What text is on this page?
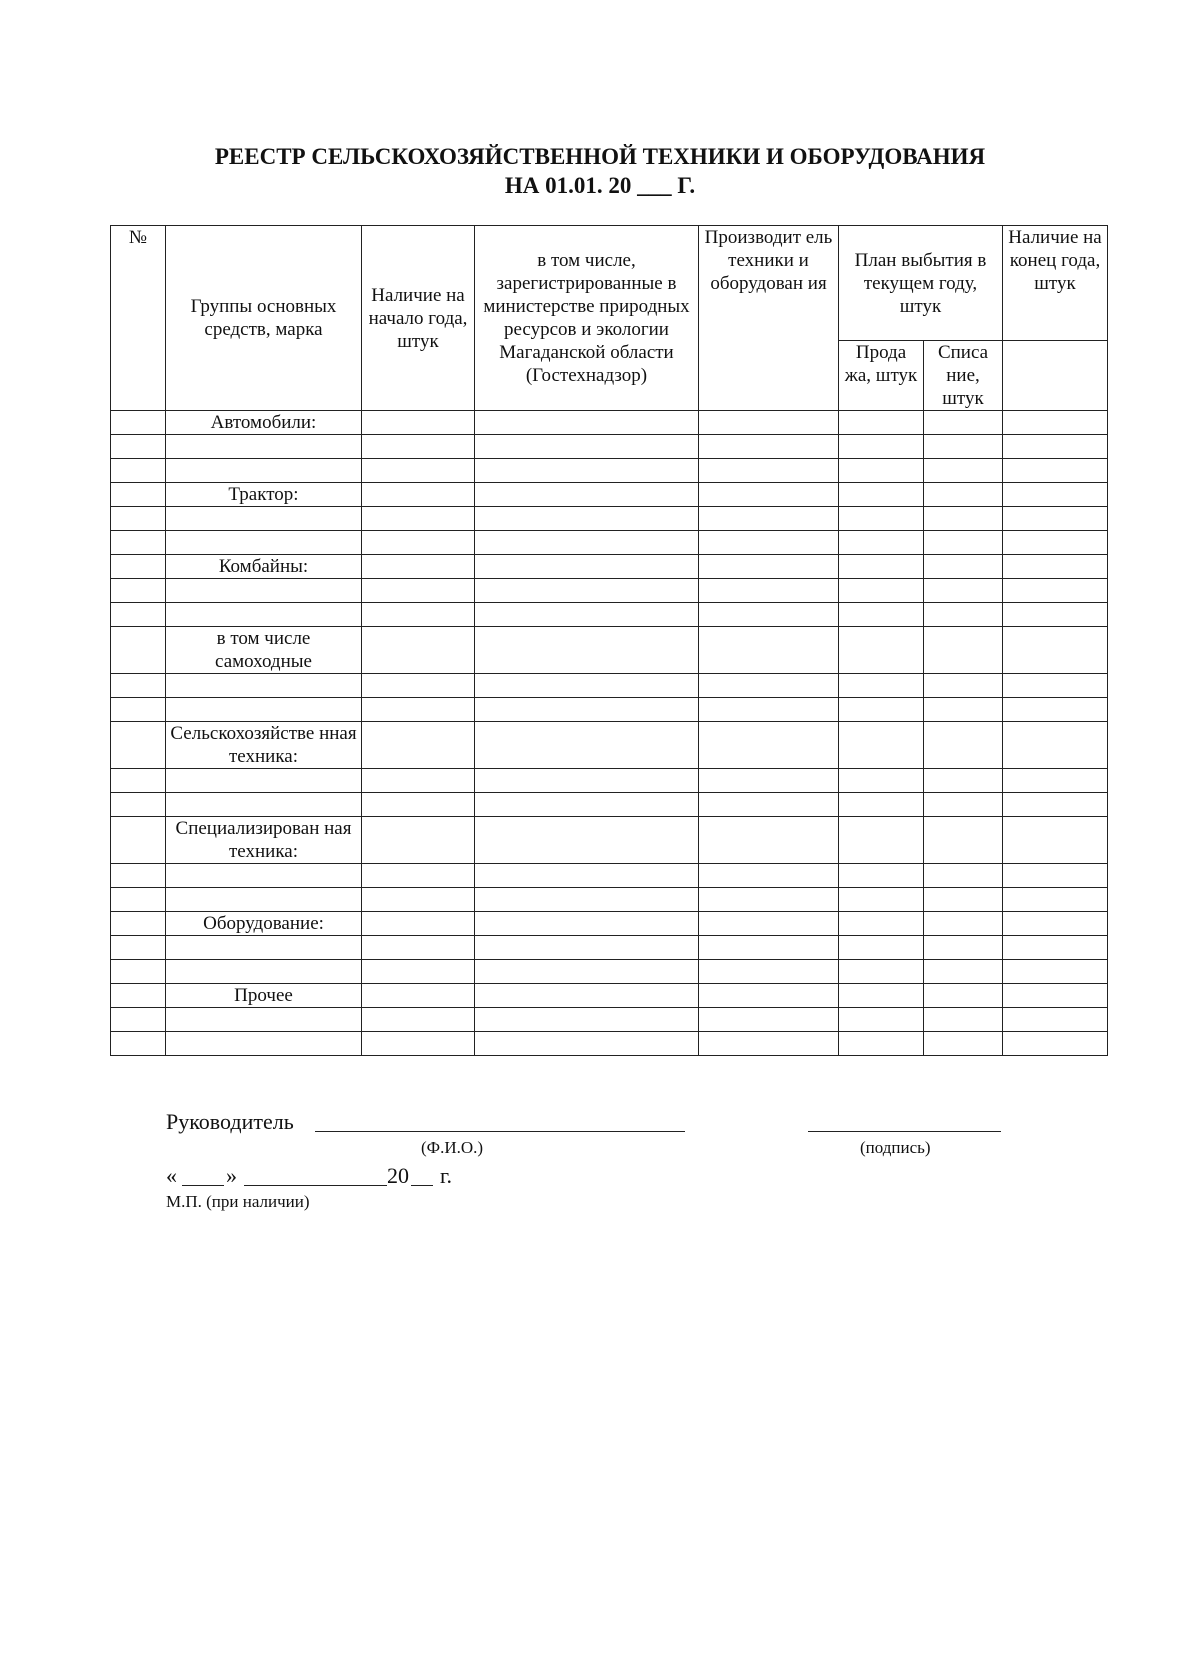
РЕЕСТР СЕЛЬСКОХОЗЯЙСТВЕННОЙ ТЕХНИКИ И ОБОРУДОВАНИЯ
НА 01.01. 20 ___ Г.
№	Группы основных средств, марка	Наличие на начало года, штук	в том числе, зарегистрированные в министерстве природных ресурсов и экологии Магаданской области (Гостехнадзор)	Производит ель техники и оборудован ия	План выбытия в текущем году, штук		Наличие на конец года, штук
					Прода жа, штук	Списа ние, штук	
	Автомобили:						

	Трактор:						

	Комбайны:						

	в том числе самоходные						

	Сельскохозяйстве нная техника:						

	Специализирован ная техника:						

	Оборудование:						

	Прочее						

Руководитель
(Ф.И.О.)	(подпись)
« »	20 г.
М.П. (при наличии)
